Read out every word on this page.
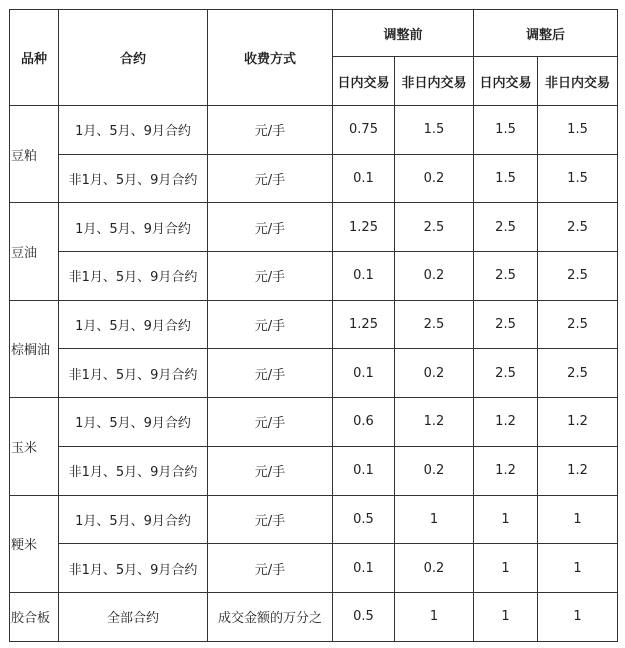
品种	合约	收费方式	调整前		调整后	
			日内交易	非日内交易	日内交易	非日内交易
豆粕	1月、5月、9月合约	元/手	0.75	1.5	1.5	1.5
	非1月、5月、9月合约	元/手	0.1	0.2	1.5	1.5
豆油	1月、5月、9月合约	元/手	1.25	2.5	2.5	2.5
	非1月、5月、9月合约	元/手	0.1	0.2	2.5	2.5
棕榈油	1月、5月、9月合约	元/手	1.25	2.5	2.5	2.5
	非1月、5月、9月合约	元/手	0.1	0.2	2.5	2.5
玉米	1月、5月、9月合约	元/手	0.6	1.2	1.2	1.2
	非1月、5月、9月合约	元/手	0.1	0.2	1.2	1.2
粳米	1月、5月、9月合约	元/手	0.5	1	1	1
	非1月、5月、9月合约	元/手	0.1	0.2	1	1
胶合板	全部合约	成交金额的万分之	0.5	1	1	1
